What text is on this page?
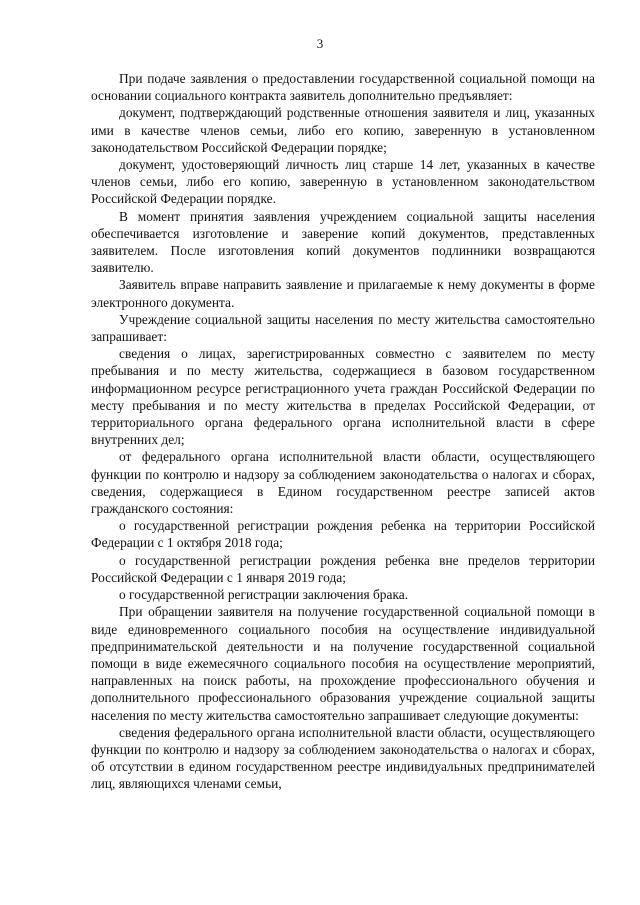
3

При подаче заявления о предоставлении государственной социальной помощи на основании социального контракта заявитель дополнительно предъявляет:

документ, подтверждающий родственные отношения заявителя и лиц, указанных ими в качестве членов семьи, либо его копию, заверенную в установленном законодательством Российской Федерации порядке;

документ, удостоверяющий личность лиц старше 14 лет, указанных в качестве членов семьи, либо его копию, заверенную в установленном законодательством Российской Федерации порядке.

В момент принятия заявления учреждением социальной защиты населения обеспечивается изготовление и заверение копий документов, представленных заявителем. После изготовления копий документов подлинники возвращаются заявителю.

Заявитель вправе направить заявление и прилагаемые к нему документы в форме электронного документа.

Учреждение социальной защиты населения по месту жительства самостоятельно запрашивает:

сведения о лицах, зарегистрированных совместно с заявителем по месту пребывания и по месту жительства, содержащиеся в базовом государственном информационном ресурсе регистрационного учета граждан Российской Федерации по месту пребывания и по месту жительства в пределах Российской Федерации, от территориального органа федерального органа исполнительной власти в сфере внутренних дел;

от федерального органа исполнительной власти области, осуществляющего функции по контролю и надзору за соблюдением законодательства о налогах и сборах, сведения, содержащиеся в Едином государственном реестре записей актов гражданского состояния:

о государственной регистрации рождения ребенка на территории Российской Федерации с 1 октября 2018 года;

о государственной регистрации рождения ребенка вне пределов территории Российской Федерации с 1 января 2019 года;

о государственной регистрации заключения брака.

При обращении заявителя на получение государственной социальной помощи в виде единовременного социального пособия на осуществление индивидуальной предпринимательской деятельности и на получение государственной социальной помощи в виде ежемесячного социального пособия на осуществление мероприятий, направленных на поиск работы, на прохождение профессионального обучения и дополнительного профессионального образования учреждение социальной защиты населения по месту жительства самостоятельно запрашивает следующие документы:

сведения федерального органа исполнительной власти области, осуществляющего функции по контролю и надзору за соблюдением законодательства о налогах и сборах, об отсутствии в едином государственном реестре индивидуальных предпринимателей лиц, являющихся членами семьи,
